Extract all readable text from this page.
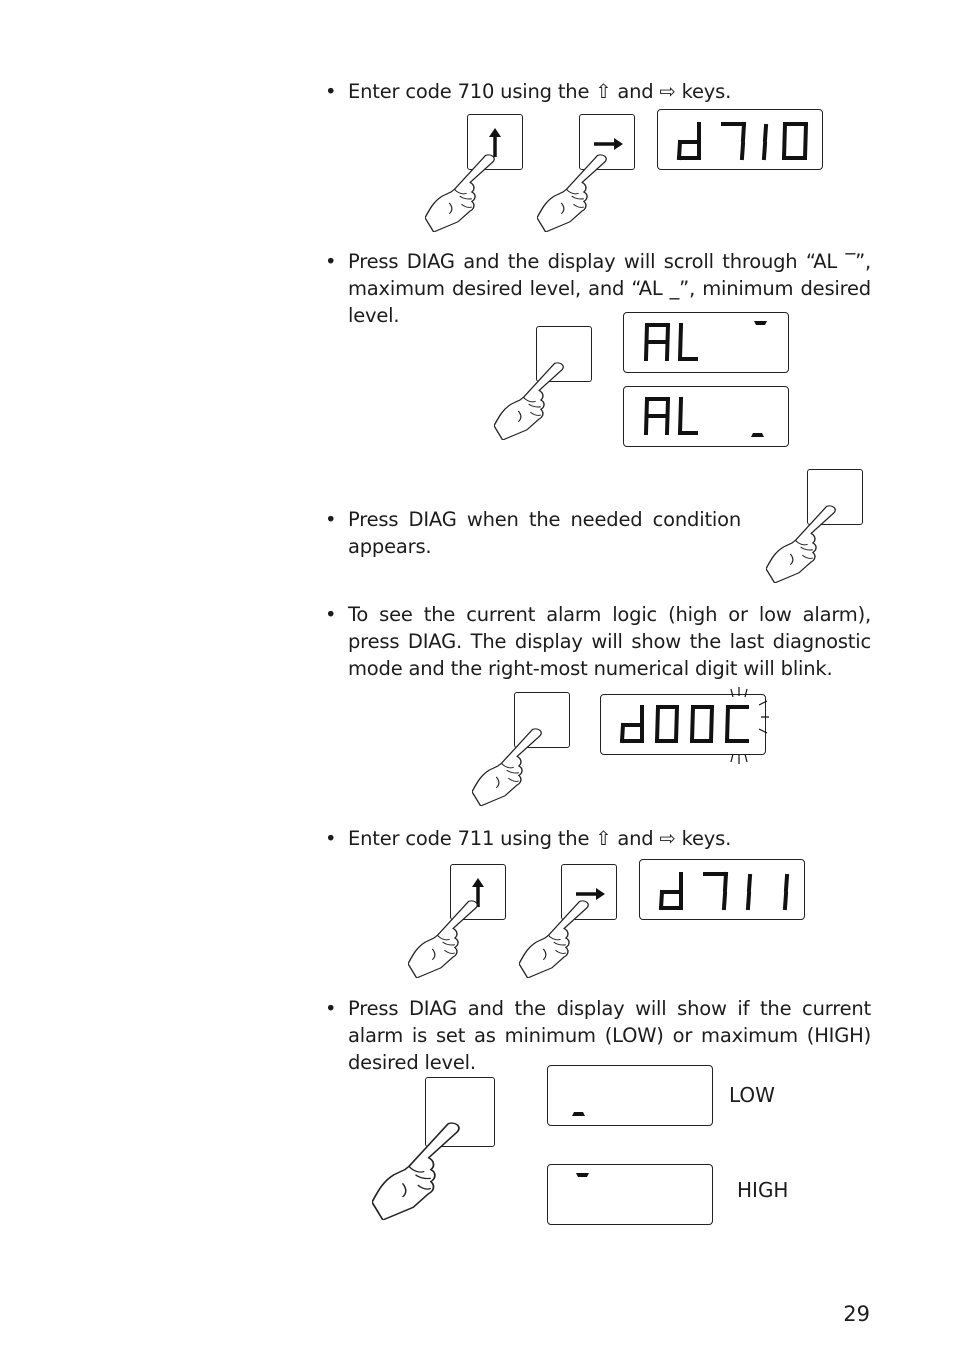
• Enter code 710 using the ⇧ and ⇨ keys.
• Press DIAG and the display will scroll through “AL ‾”, maximum desired level, and “AL _”, minimum desired level.
• Press DIAG when the needed condition appears.
• To see the current alarm logic (high or low alarm), press DIAG. The display will show the last diagnostic mode and the right-most numerical digit will blink.
• Enter code 711 using the ⇧ and ⇨ keys.
• Press DIAG and the display will show if the current alarm is set as minimum (LOW) or maximum (HIGH) desired level.
LOW
HIGH
29
